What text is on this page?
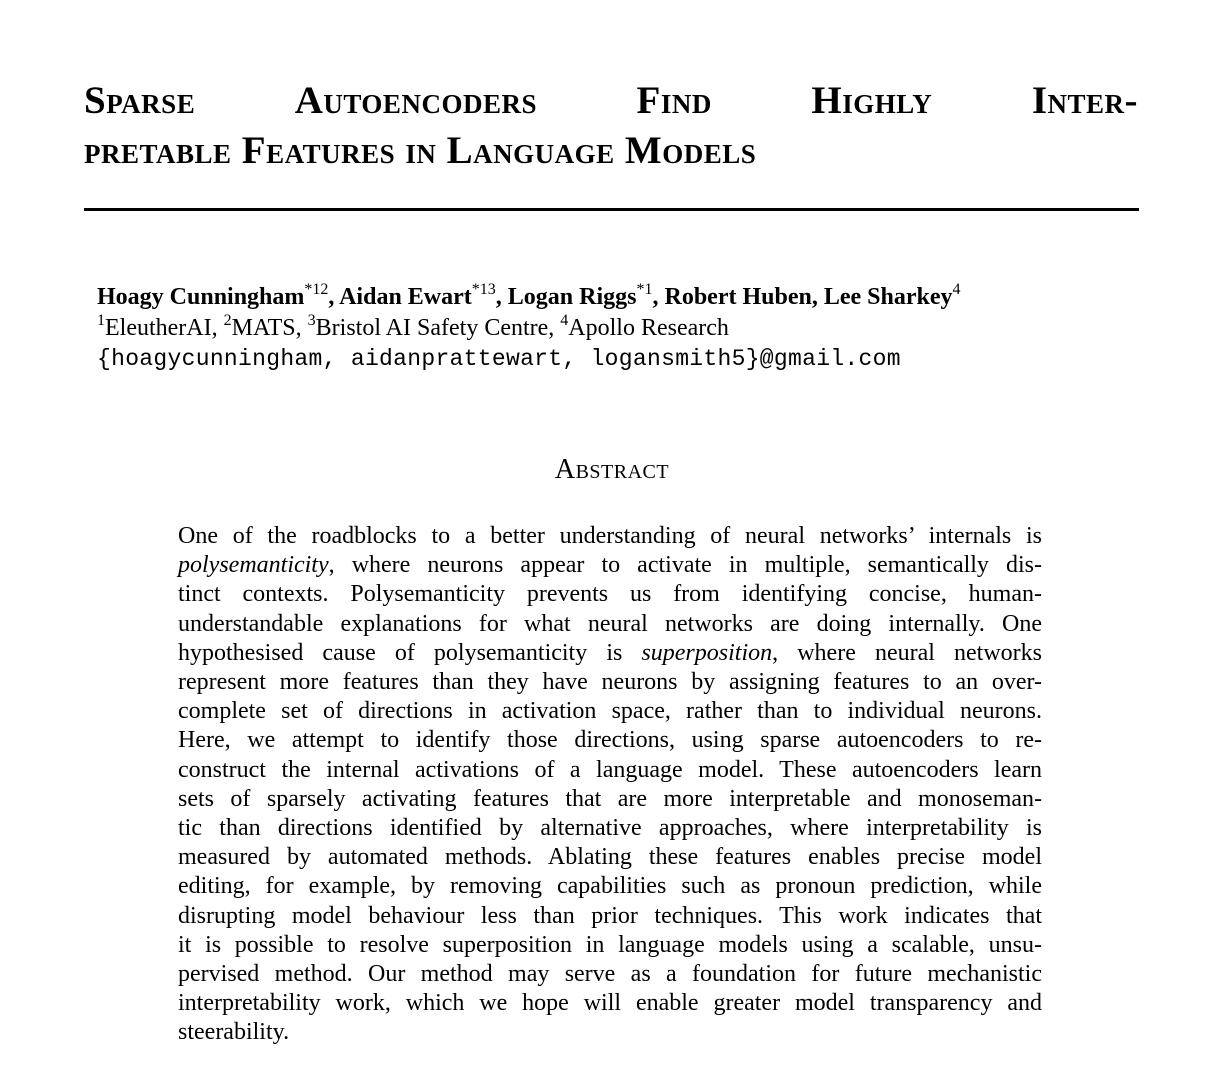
Sparse	Autoencoders	Find	Highly	Inter-
pretable Features in Language Models
Hoagy Cunningham$^{*12}$, Aidan Ewart$^{*13}$, Logan Riggs$^{*1}$, Robert Huben, Lee Sharkey$^4$
$^1$EleutherAI, $^2$MATS, $^3$Bristol AI Safety Centre, $^4$Apollo Research
{hoagycunningham, aidanprattewart, logansmith5}@gmail.com
Abstract
One of the roadblocks to a better understanding of neural networks’ internals is
polysemanticity, where neurons appear to activate in multiple, semantically dis-
tinct contexts. Polysemanticity prevents us from identifying concise, human-
understandable explanations for what neural networks are doing internally. One
hypothesised cause of polysemanticity is superposition, where neural networks
represent more features than they have neurons by assigning features to an over-
complete set of directions in activation space, rather than to individual neurons.
Here, we attempt to identify those directions, using sparse autoencoders to re-
construct the internal activations of a language model. These autoencoders learn
sets of sparsely activating features that are more interpretable and monoseman-
tic than directions identified by alternative approaches, where interpretability is
measured by automated methods. Ablating these features enables precise model
editing, for example, by removing capabilities such as pronoun prediction, while
disrupting model behaviour less than prior techniques. This work indicates that
it is possible to resolve superposition in language models using a scalable, unsu-
pervised method. Our method may serve as a foundation for future mechanistic
interpretability work, which we hope will enable greater model transparency and
steerability.
